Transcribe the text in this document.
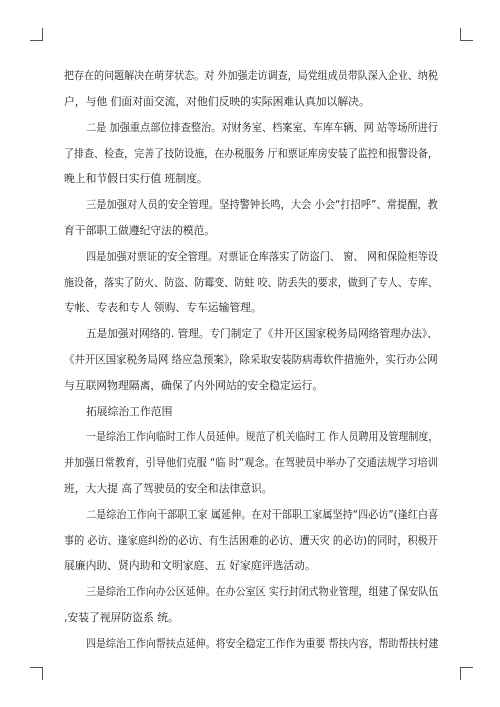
把存在的问题解决在萌芽状态。对 外加强走访调查，局党组成员带队深入企业、纳税
户，与他 们面对面交流，对他们反映的实际困难认真加以解决。
二是 加强重点部位排查整治。对财务室、档案室、车库车辆、网 站等场所进行
了排查、检查，完善了技防设施，在办税服务 厅和票证库房安装了监控和报警设备，
晚上和节假日实行值 班制度。
三是加强对人员的安全管理。坚持警钟长鸣，大会 小会“打招呼”、常提醒，教
育干部职工做遵纪守法的模范。
四是加强对票证的安全管理。对票证仓库落实了防盗门、 窗、 网和保险柜等设
施设备，落实了防火、防盗、防霉变、防蛀 咬、防丢失的要求，做到了专人、专库、
专帐、专表和专人 领购、专车运输管理。
五是加强对网络的. 管理。专门制定了《井开区国家税务局网络管理办法》、
《井开区国家税务局网 络应急预案》，除采取安装防病毒软件措施外，实行办公网
与互联网物理隔离，确保了内外网站的安全稳定运行。
拓展综治工作范围
一是综治工作向临时工作人员延伸。规范了机关临时工 作人员聘用及管理制度，
并加强日常教育，引导他们克服 “临 时”观念。在驾驶员中举办了交通法规学习培训
班，大大提 高了驾驶员的安全和法律意识。
二是综治工作向干部职工家 属延伸。在对干部职工家属坚持“四必访”(逢红白喜
事的 必访、逢家庭纠纷的必访、有生活困难的必访、遭天灾 的必访)的同时，积极开
展廉内助、贤内助和文明家庭、五 好家庭评选活动。
三是综治工作向办公区延伸。在办公室区 实行封闭式物业管理，组建了保安队伍
,安装了视屏防盗系 统。
四是综治工作向帮扶点延伸。将安全稳定工作作为重要 帮扶内容，帮助帮扶村建
